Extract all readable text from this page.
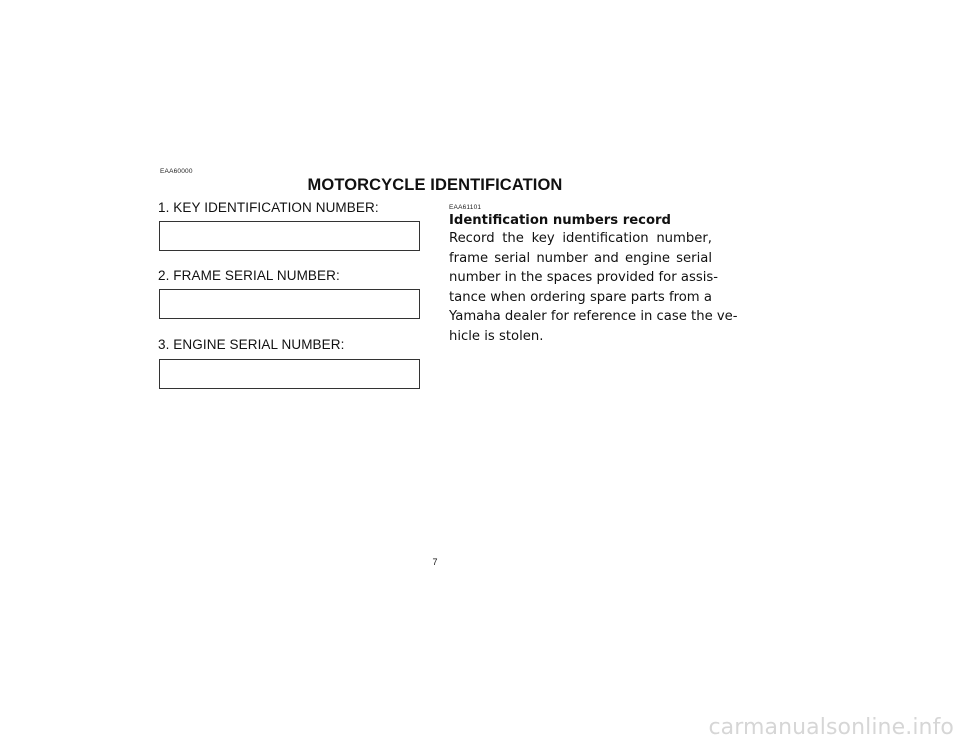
EAA60000
MOTORCYCLE IDENTIFICATION
1. KEY IDENTIFICATION NUMBER:
2. FRAME SERIAL NUMBER:
3. ENGINE SERIAL NUMBER:
EAA61101
Identification numbers record

Record the key identification number,
frame serial number and engine serial
number in the spaces provided for assis-
tance when ordering spare parts from a
Yamaha dealer for reference in case the ve-
hicle is stolen.

7
carmanualsonline.info
